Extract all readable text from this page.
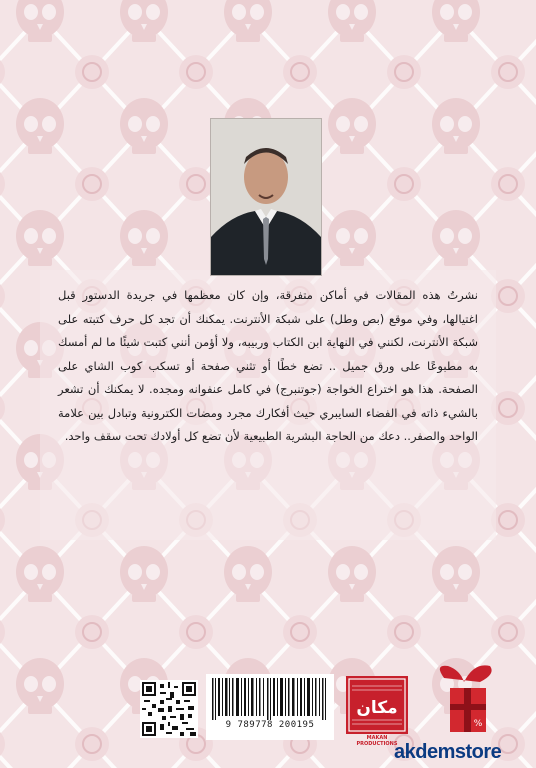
نشرتُ هذه المقالات في أماكن متفرقة، وإن كان معظمها في جريدة الدستور قبل اغتيالها، وفي موقع (بص وطل) على شبكة الأنترنت. يمكنك أن تجد كل حرف كتبته على شبكة الأنترنت، لكنني في النهاية ابن الكتاب وربيبه، ولا أؤمن أنني كتبت شيئًا ما لم أمسك به مطبوعًا على ورق جميل .. تضع خطًا أو تثني صفحة أو تسكب كوب الشاي على الصفحة. هذا هو اختراع الخواجة (جوتنبرج) في كامل عنفوانه ومجده. لا يمكنك أن تشعر بالشيء ذاته في الفضاء السايبري حيث أفكارك مجرد ومضات الكترونية وتبادل بين علامة الواحد والصفر.. دعك من الحاجة البشرية الطبيعية لأن تضع كل أولادك تحت سقف واحد.

9 789778 200195
مكان
MAKAN PRODUCTIONS
%
akdemstore
